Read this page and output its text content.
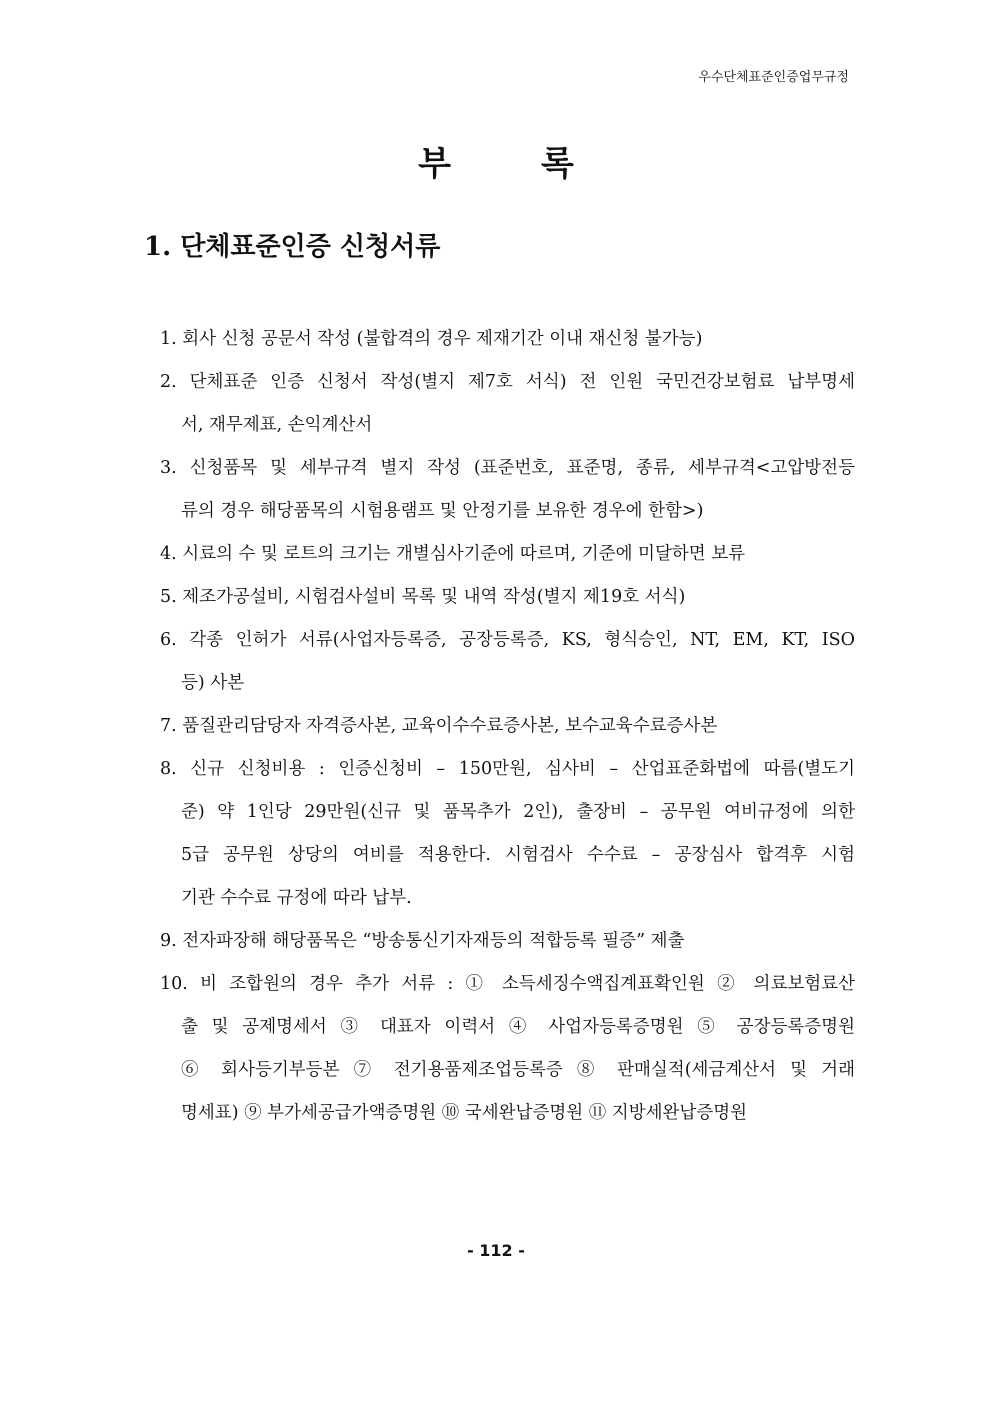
우수단체표준인증업무규정
부	록
1. 단체표준인증 신청서류
1. 회사 신청 공문서 작성 (불합격의 경우 제재기간 이내 재신청 불가능)
2. 단체표준 인증 신청서 작성(별지 제7호 서식) 전 인원 국민건강보험료 납부명세
서, 재무제표, 손익계산서
3. 신청품목 및 세부규격 별지 작성 (표준번호, 표준명, 종류, 세부규격<고압방전등
류의 경우 해당품목의 시험용램프 및 안정기를 보유한 경우에 한함>)
4. 시료의 수 및 로트의 크기는 개별심사기준에 따르며, 기준에 미달하면 보류
5. 제조가공설비, 시험검사설비 목록 및 내역 작성(별지 제19호 서식)
6. 각종 인허가 서류(사업자등록증, 공장등록증, KS, 형식승인, NT, EM, KT, ISO
등) 사본
7. 품질관리담당자 자격증사본, 교육이수수료증사본, 보수교육수료증사본
8. 신규 신청비용 : 인증신청비 – 150만원, 심사비 – 산업표준화법에 따름(별도기
준) 약 1인당 29만원(신규 및 품목추가 2인), 출장비 – 공무원 여비규정에 의한
5급 공무원 상당의 여비를 적용한다. 시험검사 수수료 – 공장심사 합격후 시험
기관 수수료 규정에 따라 납부.
9. 전자파장해 해당품목은 “방송통신기자재등의 적합등록 필증” 제출
10. 비 조합원의 경우 추가 서류 : ① 소득세징수액집계표확인원 ② 의료보험료산
출 및 공제명세서 ③ 대표자 이력서 ④ 사업자등록증명원 ⑤ 공장등록증명원
⑥ 회사등기부등본 ⑦ 전기용품제조업등록증 ⑧ 판매실적(세금계산서 및 거래
명세표) ⑨ 부가세공급가액증명원 ⑩ 국세완납증명원 ⑪ 지방세완납증명원
- 112 -
